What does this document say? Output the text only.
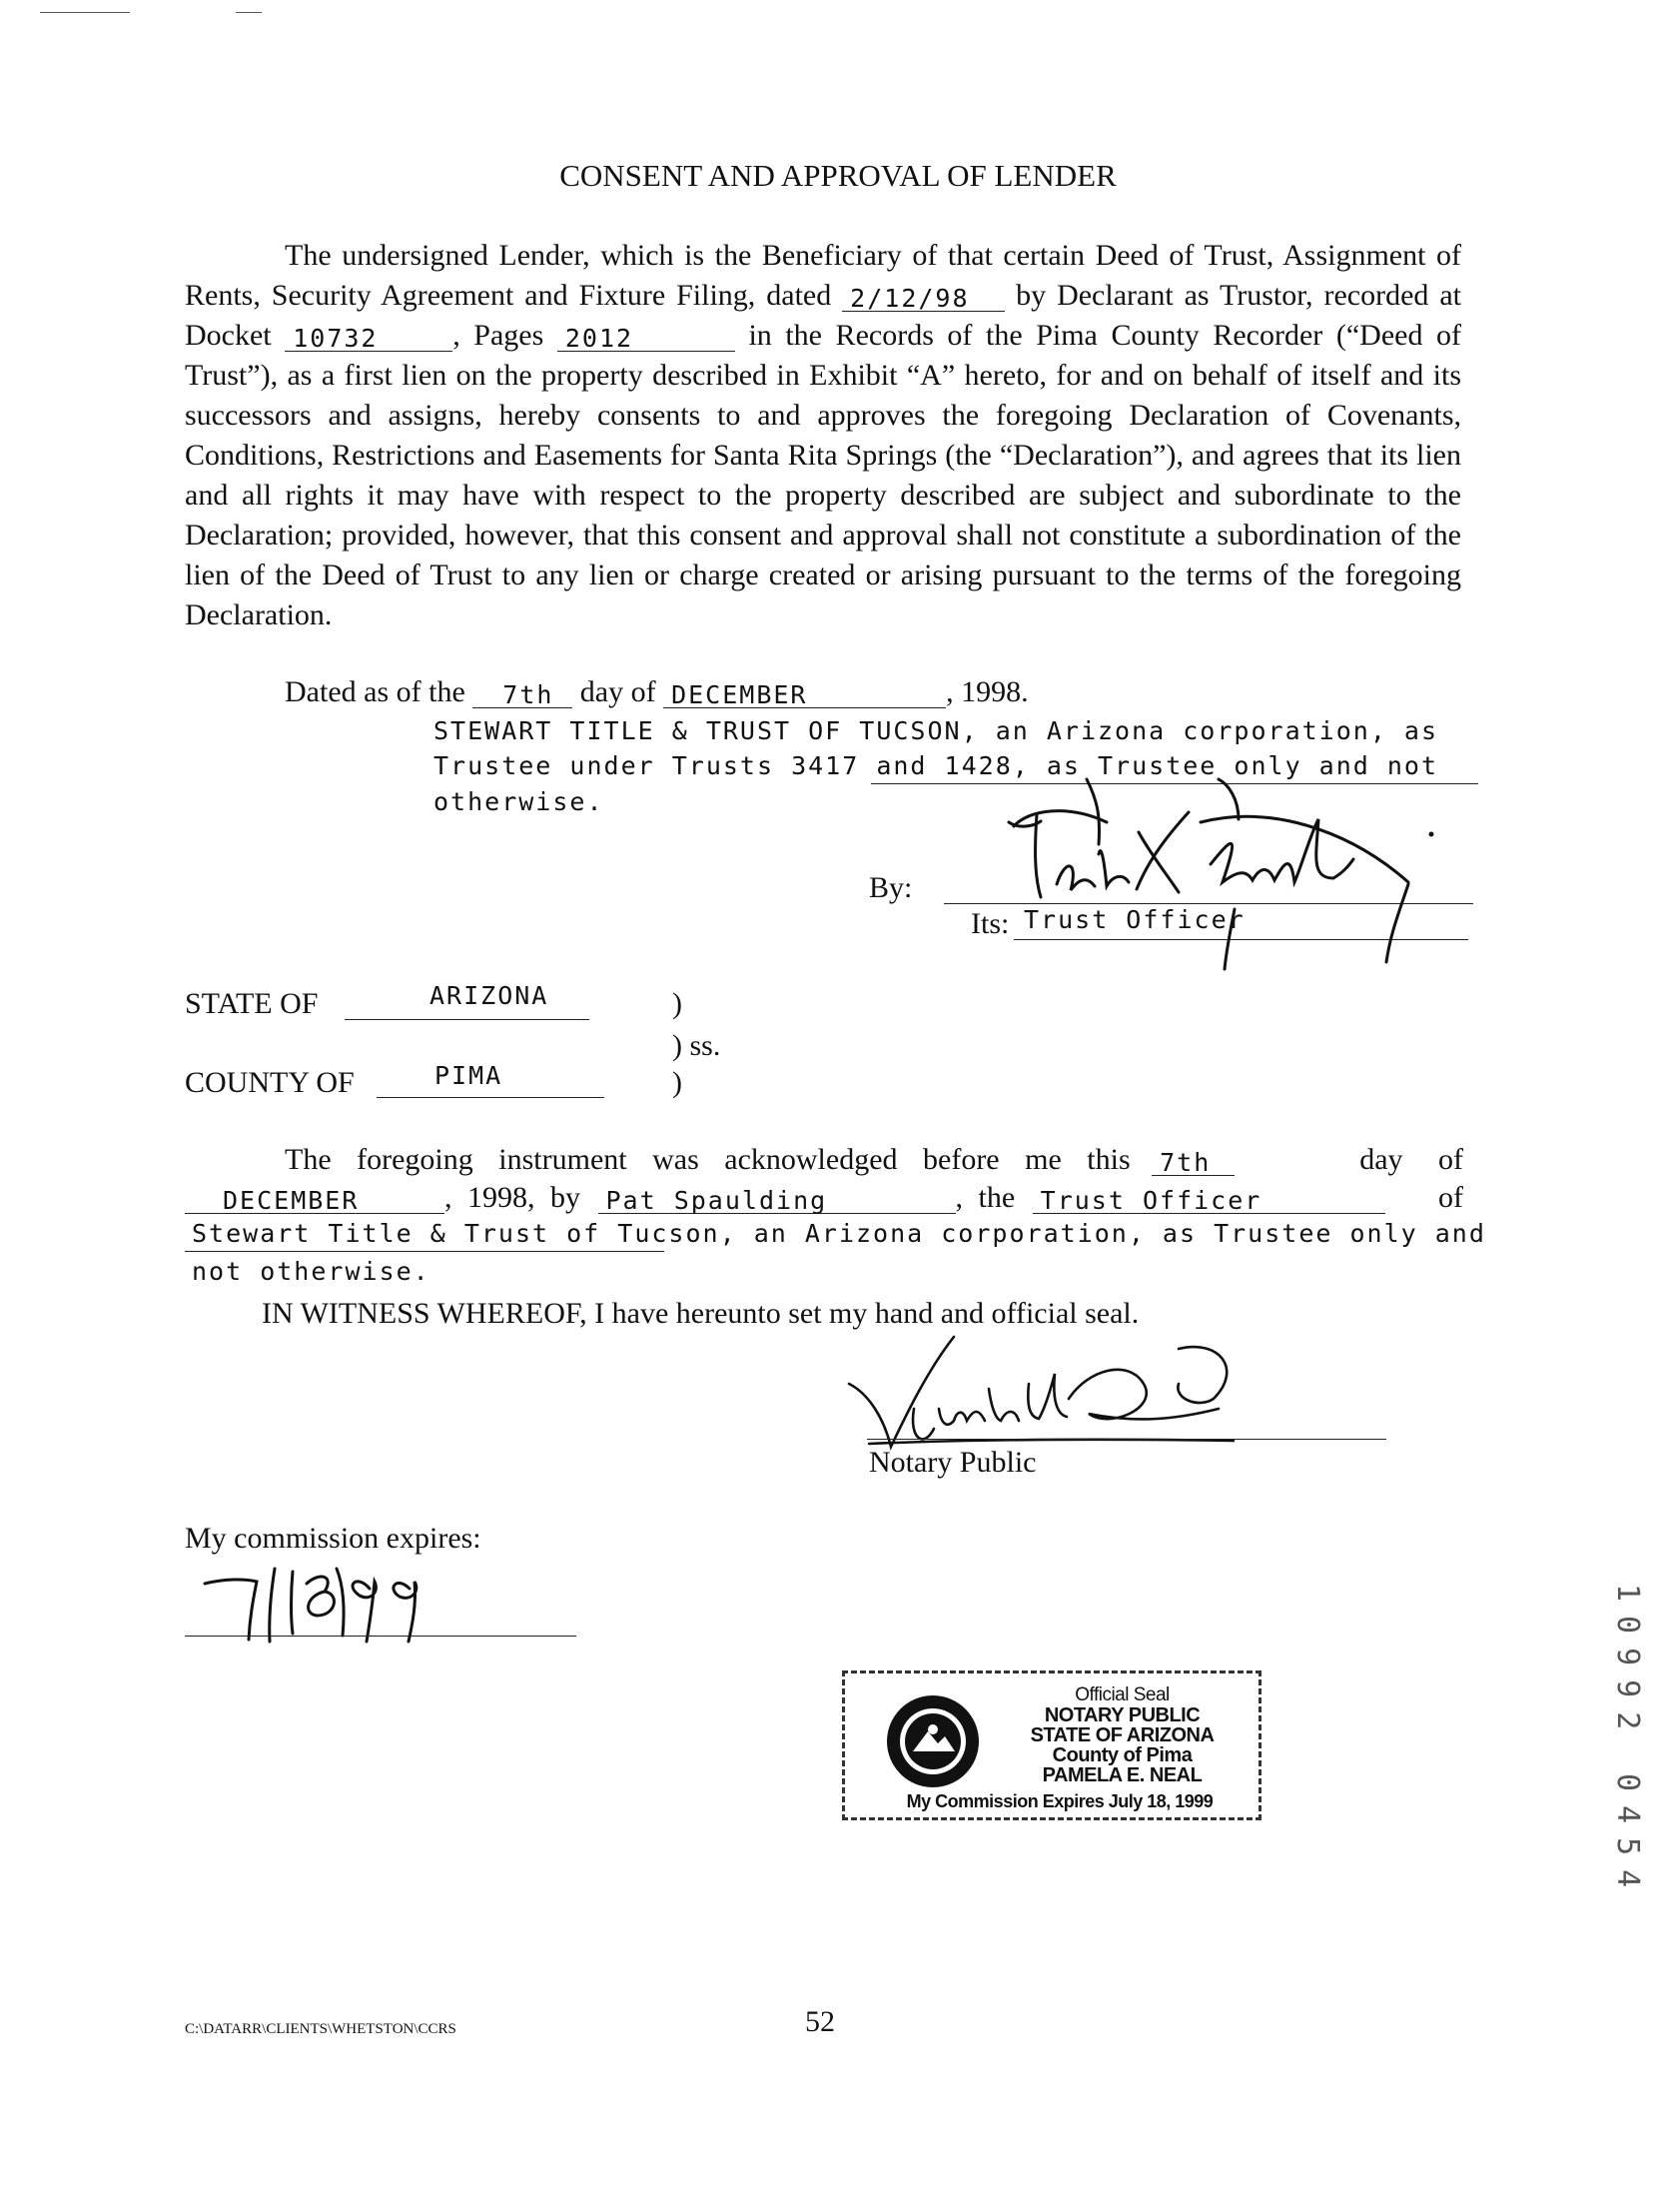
CONSENT AND APPROVAL OF LENDER
The undersigned Lender, which is the Beneficiary of that certain Deed of Trust, Assignment of Rents, Security Agreement and Fixture Filing, dated 2/12/98 by Declarant as Trustor, recorded at Docket 10732 , Pages 2012	in the Records of the Pima County Recorder (“Deed of Trust”), as a first lien on the property described in Exhibit “A” hereto, for and on behalf of itself and its successors and assigns, hereby consents to and approves the foregoing Declaration of Covenants, Conditions, Restrictions and Easements for Santa Rita Springs (the “Declaration”), and agrees that its lien and all rights it may have with respect to the property described are subject and subordinate to the Declaration; provided, however, that this consent and approval shall not constitute a subordination of the lien of the Deed of Trust to any lien or charge created or arising pursuant to the terms of the foregoing Declaration.
Dated as of the 7th day of DECEMBER	, 1998.
STEWART TITLE & TRUST OF TUCSON, an Arizona corporation, as
Trustee under Trusts 3417 and 1428, as Trustee only and not
otherwise.
By:
Its: Trust Officer
STATE OF	ARIZONA	)
) ss.
)
COUNTY OF	PIMA
The foregoing instrument was acknowledged before me this 7th	day of
DECEMBER	, 1998, by Pat Spaulding	, the Trust Officer	of
Stewart Title & Trust of Tucson, an Arizona corporation, as Trustee only and
not otherwise.
IN WITNESS WHEREOF, I have hereunto set my hand and official seal.
Notary Public
My commission expires:
Official Seal
NOTARY PUBLIC
STATE OF ARIZONA
County of Pima
PAMELA E. NEAL
My Commission Expires July 18, 1999
10992
0454
C:\DATARR\CLIENTS\WHETSTON\CCRS	52
